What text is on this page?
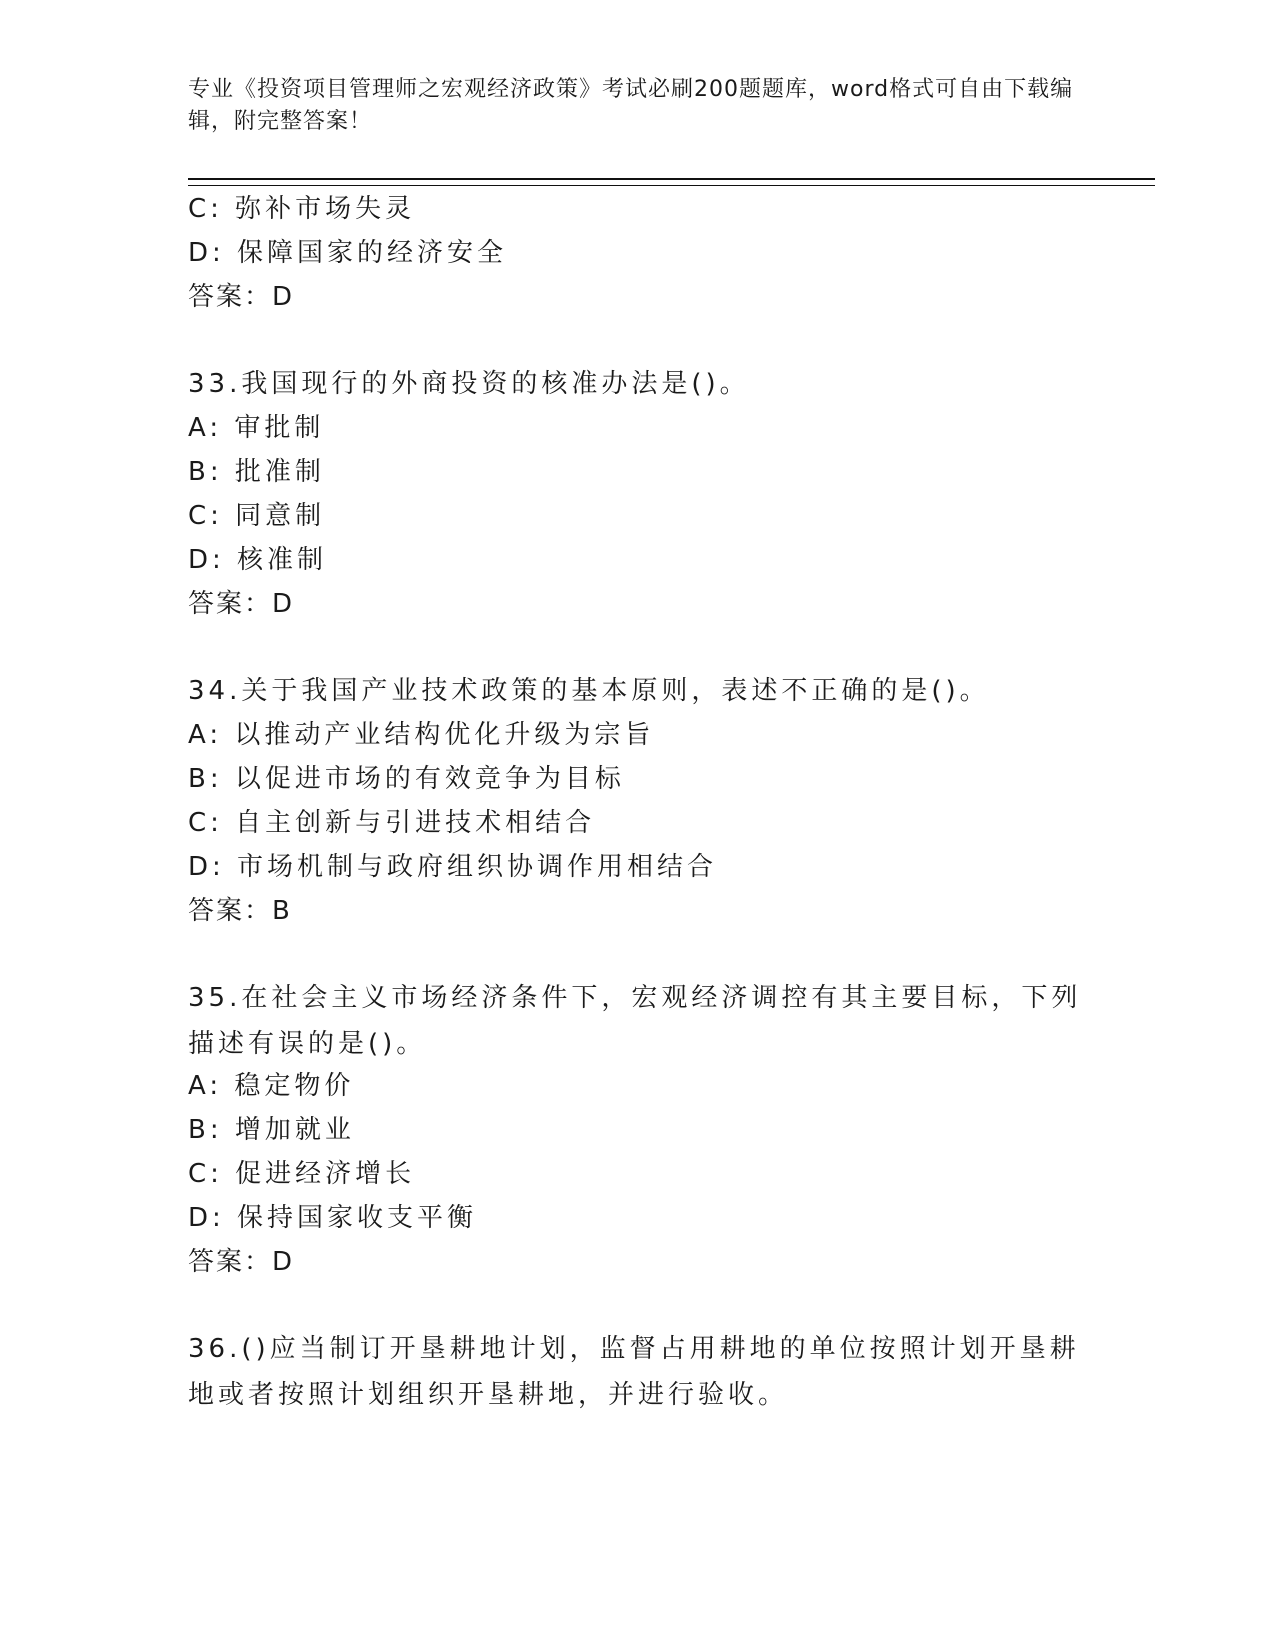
专业《投资项目管理师之宏观经济政策》考试必刷200题题库，word格式可自由下载编辑，附完整答案！
C: 弥补市场失灵
D: 保障国家的经济安全
答案：D
33.我国现行的外商投资的核准办法是()。
A: 审批制
B: 批准制
C: 同意制
D: 核准制
答案：D
34.关于我国产业技术政策的基本原则，表述不正确的是()。
A: 以推动产业结构优化升级为宗旨
B: 以促进市场的有效竞争为目标
C: 自主创新与引进技术相结合
D: 市场机制与政府组织协调作用相结合
答案：B
35.在社会主义市场经济条件下，宏观经济调控有其主要目标，下列描述有误的是()。
A: 稳定物价
B: 增加就业
C: 促进经济增长
D: 保持国家收支平衡
答案：D
36.()应当制订开垦耕地计划，监督占用耕地的单位按照计划开垦耕地或者按照计划组织开垦耕地，并进行验收。
